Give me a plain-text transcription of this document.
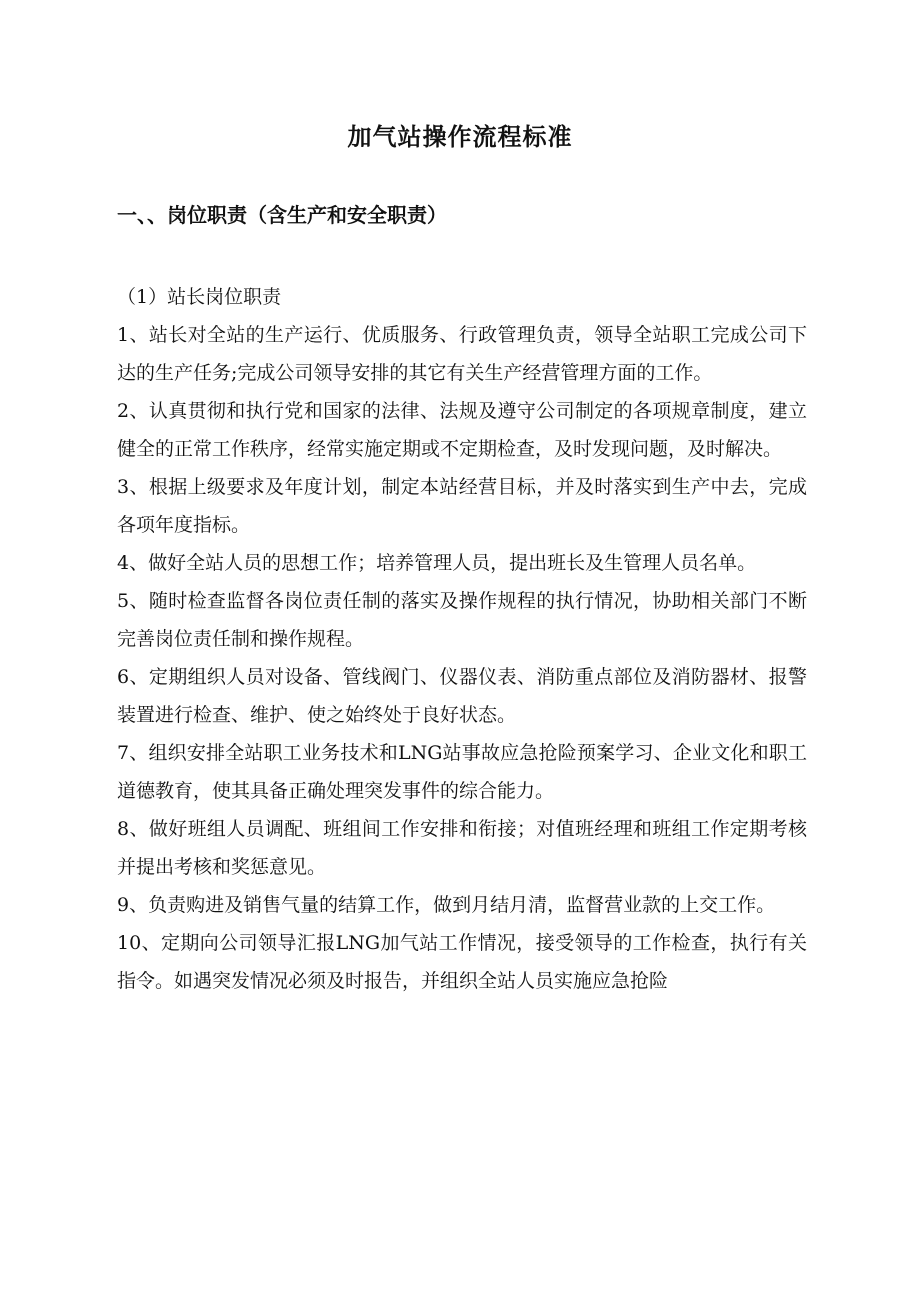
加气站操作流程标准
一、、岗位职责（含生产和安全职责）

（1）站长岗位职责

1、站长对全站的生产运行、优质服务、行政管理负责，领导全站职工完成公司下达的生产任务;完成公司领导安排的其它有关生产经营管理方面的工作。

2、认真贯彻和执行党和国家的法律、法规及遵守公司制定的各项规章制度，建立健全的正常工作秩序，经常实施定期或不定期检查，及时发现问题，及时解决。

3、根据上级要求及年度计划，制定本站经营目标，并及时落实到生产中去，完成各项年度指标。

4、做好全站人员的思想工作；培养管理人员，提出班长及生管理人员名单。

5、随时检查监督各岗位责任制的落实及操作规程的执行情况，协助相关部门不断完善岗位责任制和操作规程。

6、定期组织人员对设备、管线阀门、仪器仪表、消防重点部位及消防器材、报警装置进行检查、维护、使之始终处于良好状态。

7、组织安排全站职工业务技术和LNG站事故应急抢险预案学习、企业文化和职工道德教育，使其具备正确处理突发事件的综合能力。

8、做好班组人员调配、班组间工作安排和衔接；对值班经理和班组工作定期考核并提出考核和奖惩意见。

9、负责购进及销售气量的结算工作，做到月结月清，监督营业款的上交工作。

10、定期向公司领导汇报LNG加气站工作情况，接受领导的工作检查，执行有关指令。如遇突发情况必须及时报告，并组织全站人员实施应急抢险
